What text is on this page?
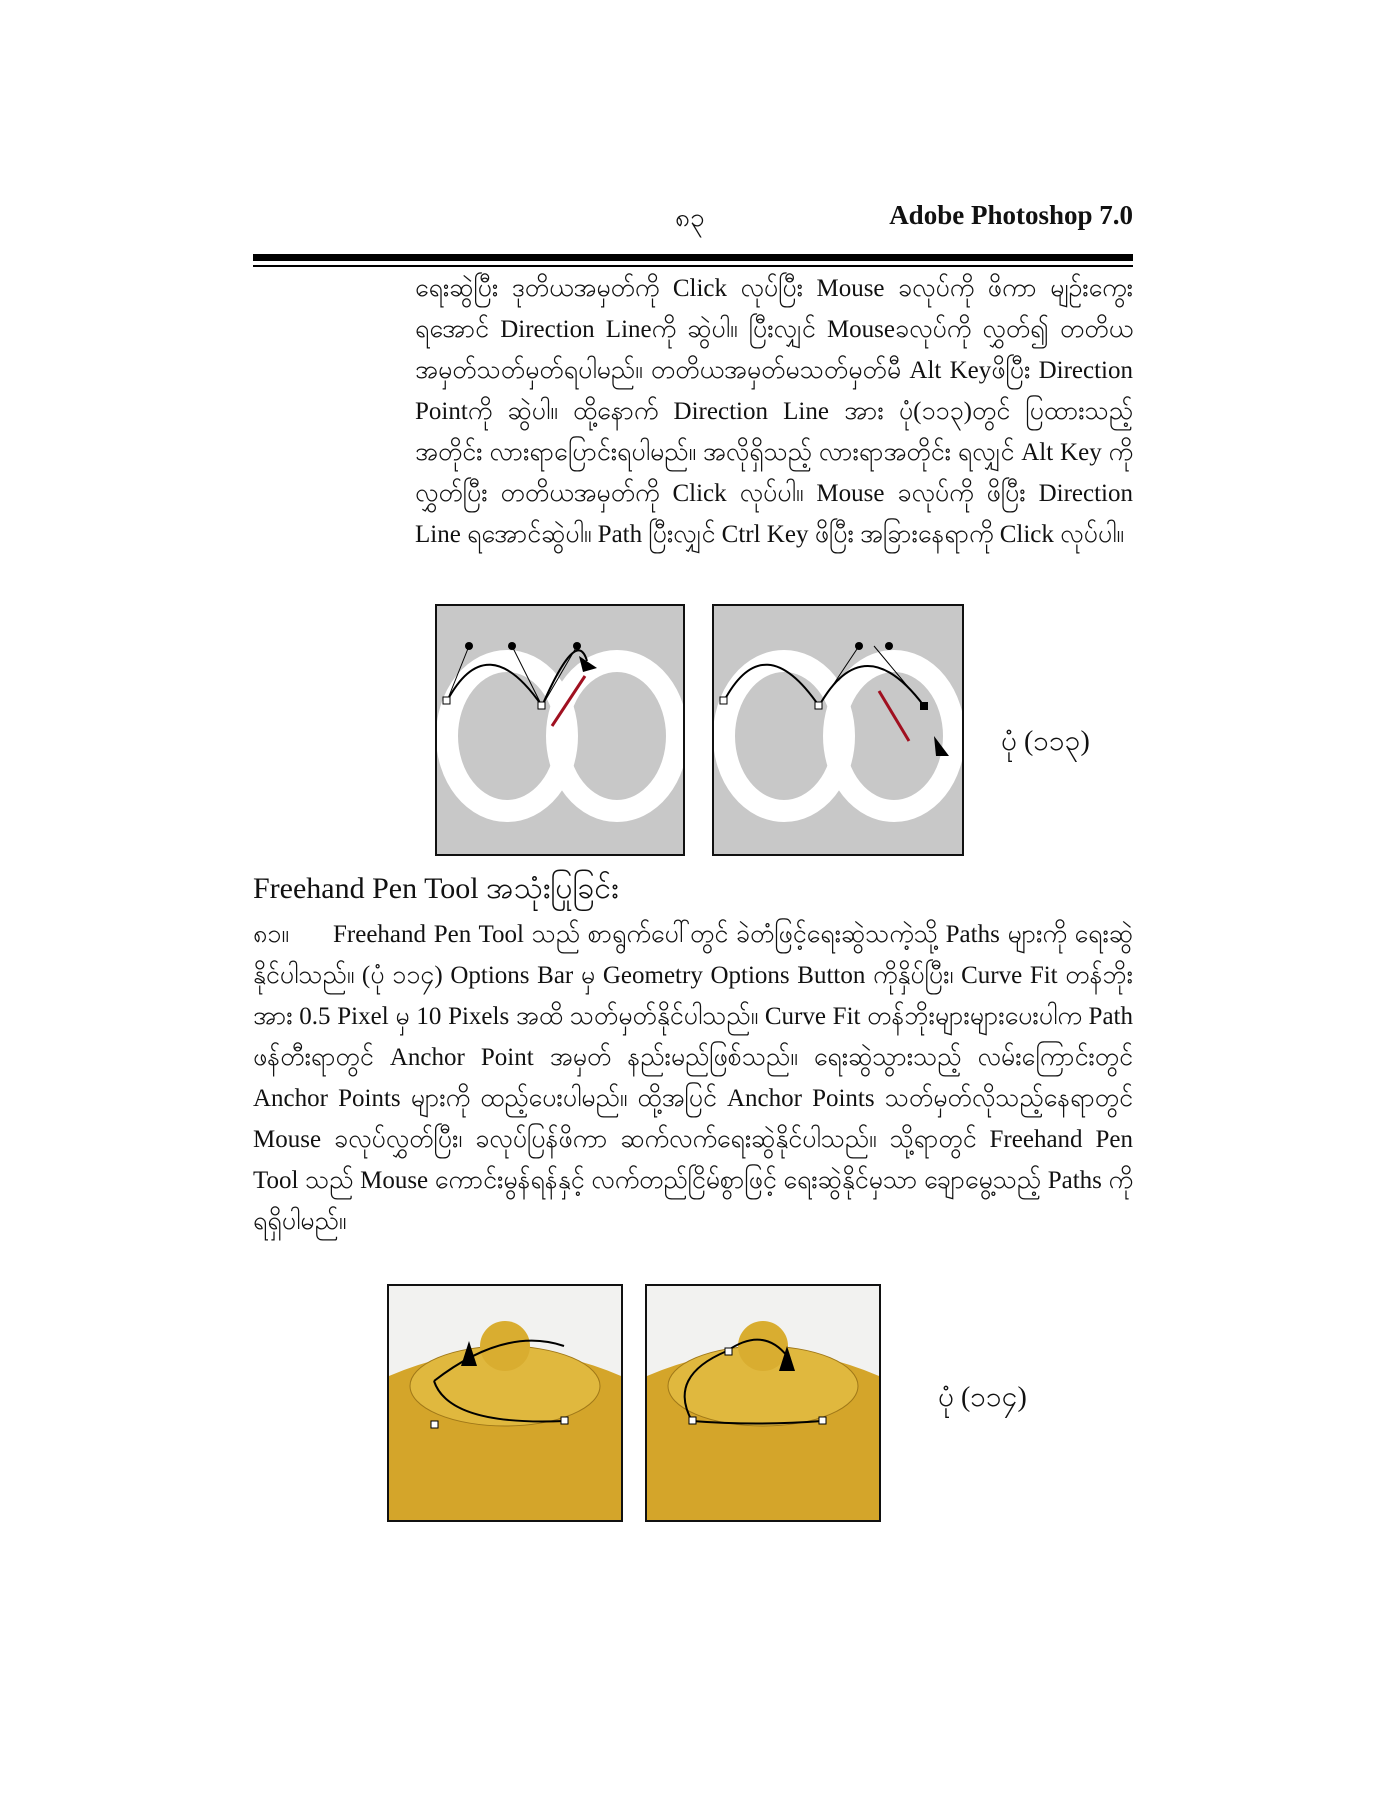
၈၃	Adobe Photoshop 7.0
ရေးဆွဲပြီး ဒုတိယအမှတ်ကို Click လုပ်ပြီး Mouse ခလုပ်ကို ဖိကာ မျဉ်းကွေးရအောင် Direction Lineကို ဆွဲပါ။ ပြီးလျှင် Mouseခလုပ်ကို လွှတ်၍ တတိယအမှတ်သတ်မှတ်ရပါမည်။ တတိယအမှတ်မသတ်မှတ်မီ Alt Keyဖိပြီး Direction Pointကို ဆွဲပါ။ ထို့နောက် Direction Line အား ပုံ(၁၁၃)တွင် ပြထားသည့်အတိုင်း လားရာပြောင်းရပါမည်။ အလိုရှိသည့် လားရာအတိုင်း ရလျှင် Alt Key ကိုလွှတ်ပြီး တတိယအမှတ်ကို Click လုပ်ပါ။ Mouse ခလုပ်ကို ဖိပြီး Direction Line ရအောင်ဆွဲပါ။ Path ပြီးလျှင် Ctrl Key ဖိပြီး အခြားနေရာကို Click လုပ်ပါ။
ပုံ (၁၁၃)
Freehand Pen Tool အသုံးပြုခြင်း
၈၁။ Freehand Pen Tool သည် စာရွက်ပေါ်တွင် ခဲတံဖြင့်ရေးဆွဲသကဲ့သို့ Paths များကို ရေးဆွဲနိုင်ပါသည်။ (ပုံ ၁၁၄) Options Bar မှ Geometry Options Button ကိုနှိပ်ပြီး၊ Curve Fit တန်ဘိုးအား 0.5 Pixel မှ 10 Pixels အထိ သတ်မှတ်နိုင်ပါသည်။ Curve Fit တန်ဘိုးများများပေးပါက Path ဖန်တီးရာတွင် Anchor Point အမှတ် နည်းမည်ဖြစ်သည်။ ရေးဆွဲသွားသည့် လမ်းကြောင်းတွင် Anchor Points များကို ထည့်ပေးပါမည်။ ထို့အပြင် Anchor Points သတ်မှတ်လိုသည့်နေရာတွင် Mouse ခလုပ်လွှတ်ပြီး၊ ခလုပ်ပြန်ဖိကာ ဆက်လက်ရေးဆွဲနိုင်ပါသည်။ သို့ရာတွင် Freehand Pen Tool သည် Mouse ကောင်းမွန်ရန်နှင့် လက်တည်ငြိမ်စွာဖြင့် ရေးဆွဲနိုင်မှသာ ချောမွေ့သည့် Paths ကို ရရှိပါမည်။
ပုံ (၁၁၄)
